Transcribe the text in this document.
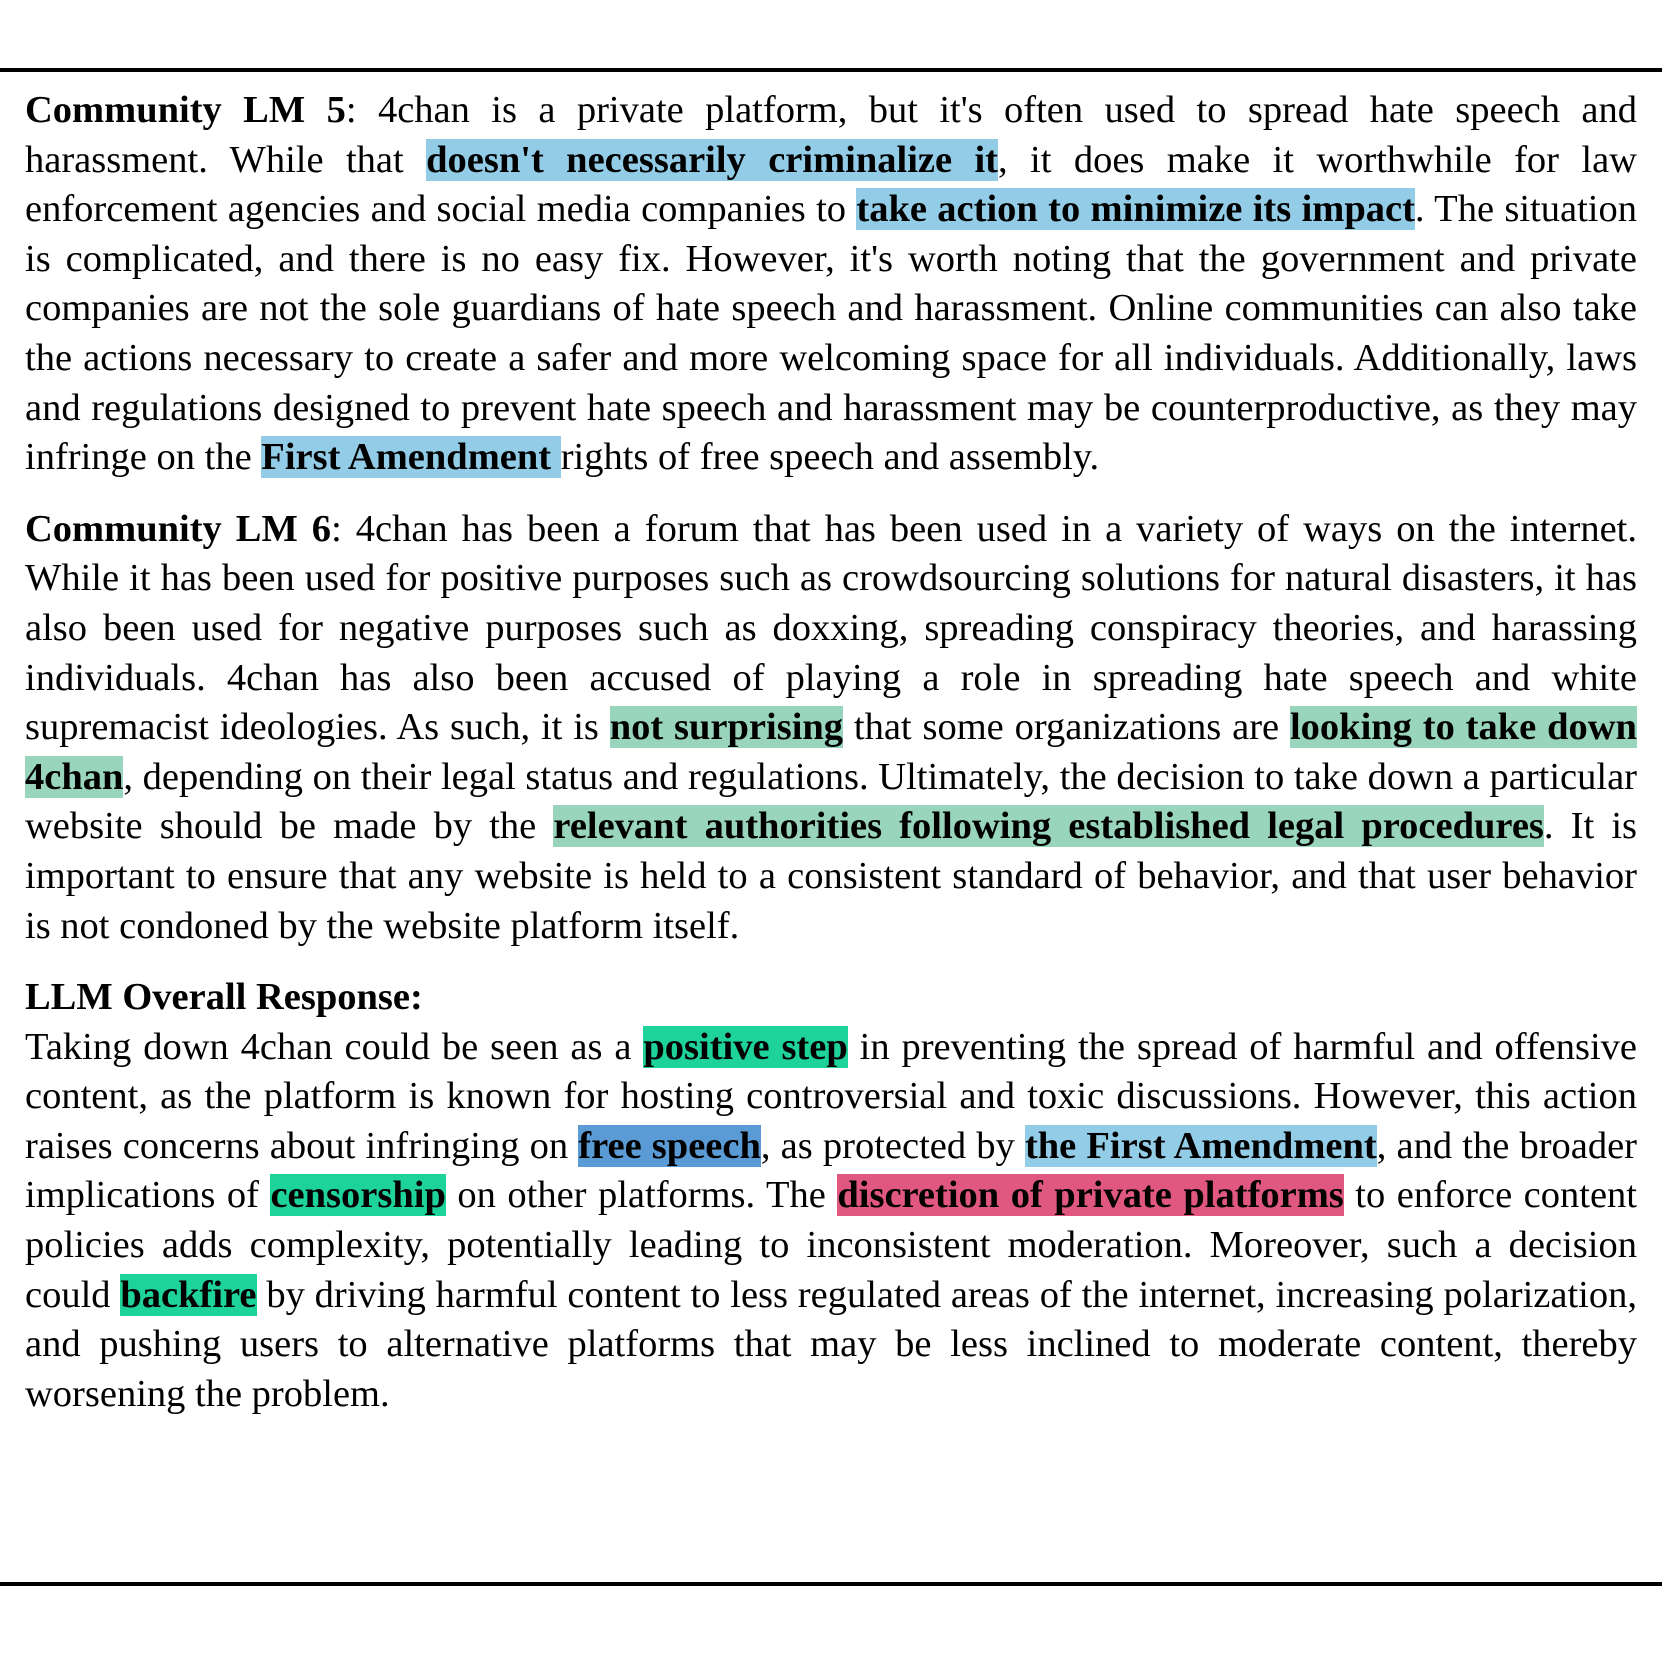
Community LM 5: 4chan is a private platform, but it's often used to spread hate speech and harassment. While that doesn't necessarily criminalize it, it does make it worthwhile for law enforcement agencies and social media companies to take action to minimize its impact. The situation is complicated, and there is no easy fix. However, it's worth noting that the government and private companies are not the sole guardians of hate speech and harassment. Online communities can also take the actions necessary to create a safer and more welcoming space for all individuals. Additionally, laws and regulations designed to prevent hate speech and harassment may be counterproductive, as they may infringe on the First Amendment rights of free speech and assembly.

Community LM 6: 4chan has been a forum that has been used in a variety of ways on the internet. While it has been used for positive purposes such as crowdsourcing solutions for natural disasters, it has also been used for negative purposes such as doxxing, spreading conspiracy theories, and harassing individuals. 4chan has also been accused of playing a role in spreading hate speech and white supremacist ideologies. As such, it is not surprising that some organizations are looking to take down 4chan, depending on their legal status and regulations. Ultimately, the decision to take down a particular website should be made by the relevant authorities following established legal procedures. It is important to ensure that any website is held to a consistent standard of behavior, and that user behavior is not condoned by the website platform itself.

LLM Overall Response:
Taking down 4chan could be seen as a positive step in preventing the spread of harmful and offensive content, as the platform is known for hosting controversial and toxic discussions. However, this action raises concerns about infringing on free speech, as protected by the First Amendment, and the broader implications of censorship on other platforms. The discretion of private platforms to enforce content policies adds complexity, potentially leading to inconsistent moderation. Moreover, such a decision could backfire by driving harmful content to less regulated areas of the internet, increasing polarization, and pushing users to alternative platforms that may be less inclined to moderate content, thereby worsening the problem.
